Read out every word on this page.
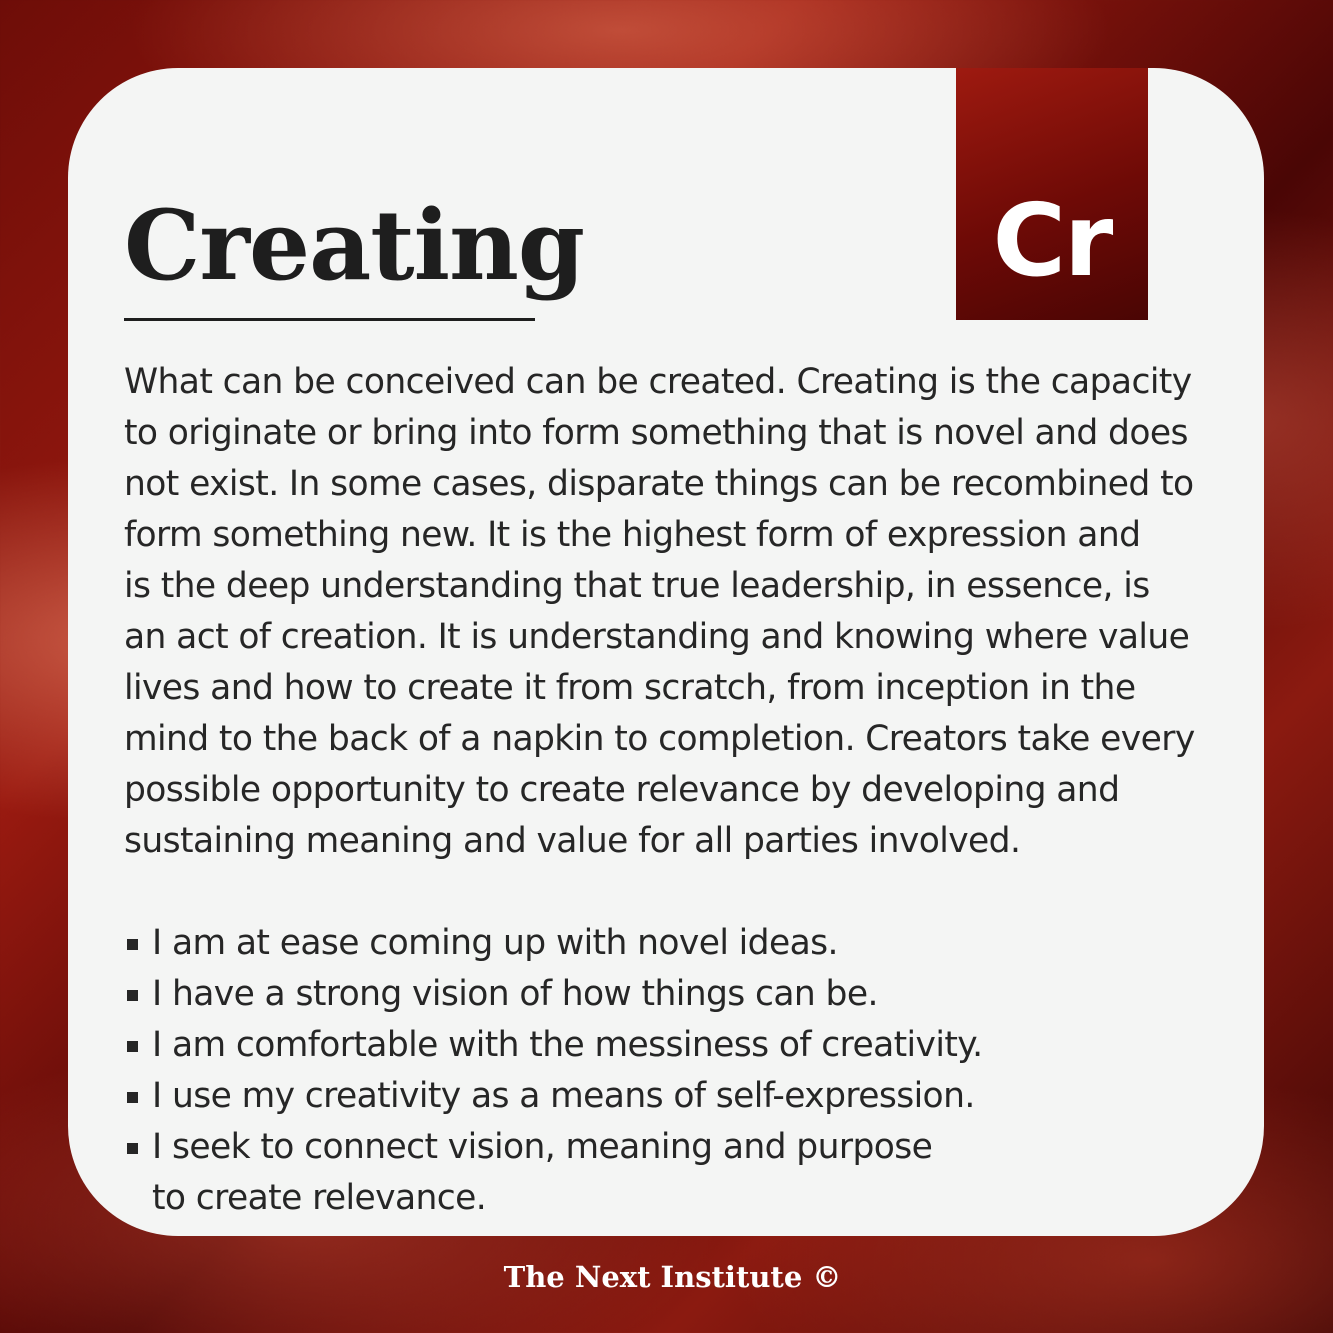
Cr
Creating

What can be conceived can be created. Creating is the capacity
to originate or bring into form something that is novel and does
not exist. In some cases, disparate things can be recombined to
form something new. It is the highest form of expression and
is the deep understanding that true leadership, in essence, is
an act of creation. It is understanding and knowing where value
lives and how to create it from scratch, from inception in the
mind to the back of a napkin to completion. Creators take every
possible opportunity to create relevance by developing and
sustaining meaning and value for all parties involved.

I am at ease coming up with novel ideas.
I have a strong vision of how things can be.
I am comfortable with the messiness of creativity.
I use my creativity as a means of self-expression.
I seek to connect vision, meaning and purpose
to create relevance.
The Next Institute ©
